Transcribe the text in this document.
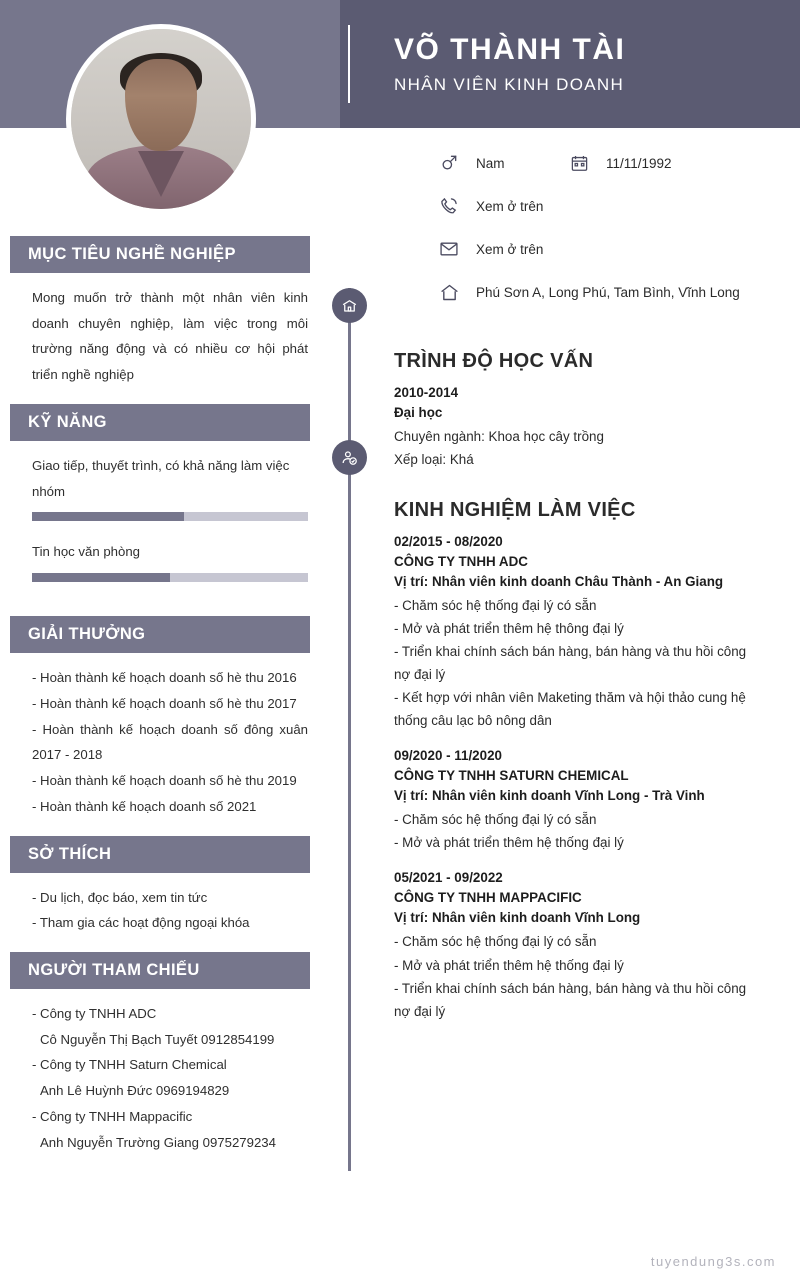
VÕ THÀNH TÀI
NHÂN VIÊN KINH DOANH
MỤC TIÊU NGHỀ NGHIỆP
Mong muốn trở thành một nhân viên kinh doanh chuyên nghiệp, làm việc trong môi trường năng động và có nhiều cơ hội phát triển nghề nghiệp
KỸ NĂNG
Giao tiếp, thuyết trình, có khả năng làm việc nhóm
Tin học văn phòng
GIẢI THƯỞNG
- Hoàn thành kế hoạch doanh số hè thu 2016
- Hoàn thành kế hoạch doanh số hè thu 2017
- Hoàn thành kế hoạch doanh số đông xuân 2017 - 2018
- Hoàn thành kế hoạch doanh số hè thu 2019
- Hoàn thành kế hoạch doanh số 2021
SỞ THÍCH
- Du lịch, đọc báo, xem tin tức
- Tham gia các hoạt động ngoại khóa
NGƯỜI THAM CHIẾU
- Công ty TNHH ADC
Cô Nguyễn Thị Bạch Tuyết 0912854199
- Công ty TNHH Saturn Chemical
Anh Lê Huỳnh Đức 0969194829
- Công ty TNHH Mappacific
Anh Nguyễn Trường Giang 0975279234
Nam	11/11/1992
Xem ở trên
Xem ở trên
Phú Sơn A, Long Phú, Tam Bình, Vĩnh Long
TRÌNH ĐỘ HỌC VẤN
2010-2014
Đại học
Chuyên ngành: Khoa học cây trồng
Xếp loại: Khá
KINH NGHIỆM LÀM VIỆC
02/2015 - 08/2020
CÔNG TY TNHH ADC
Vị trí: Nhân viên kinh doanh Châu Thành - An Giang
- Chăm sóc hệ thống đại lý có sẵn
- Mở và phát triển thêm hệ thông đại lý
- Triển khai chính sách bán hàng, bán hàng và thu hồi công nợ đại lý
- Kết hợp với nhân viên Maketing thăm và hội thảo cung hệ thống câu lạc bô nông dân
09/2020 - 11/2020
CÔNG TY TNHH SATURN CHEMICAL
Vị trí: Nhân viên kinh doanh Vĩnh Long - Trà Vinh
- Chăm sóc hệ thống đại lý có sẵn
- Mở và phát triển thêm hệ thống đại lý
05/2021 - 09/2022
CÔNG TY TNHH MAPPACIFIC
Vị trí: Nhân viên kinh doanh Vĩnh Long
- Chăm sóc hệ thống đại lý có sẵn
- Mở và phát triển thêm hệ thống đại lý
- Triển khai chính sách bán hàng, bán hàng và thu hồi công nợ đại lý
tuyendung3s.com
